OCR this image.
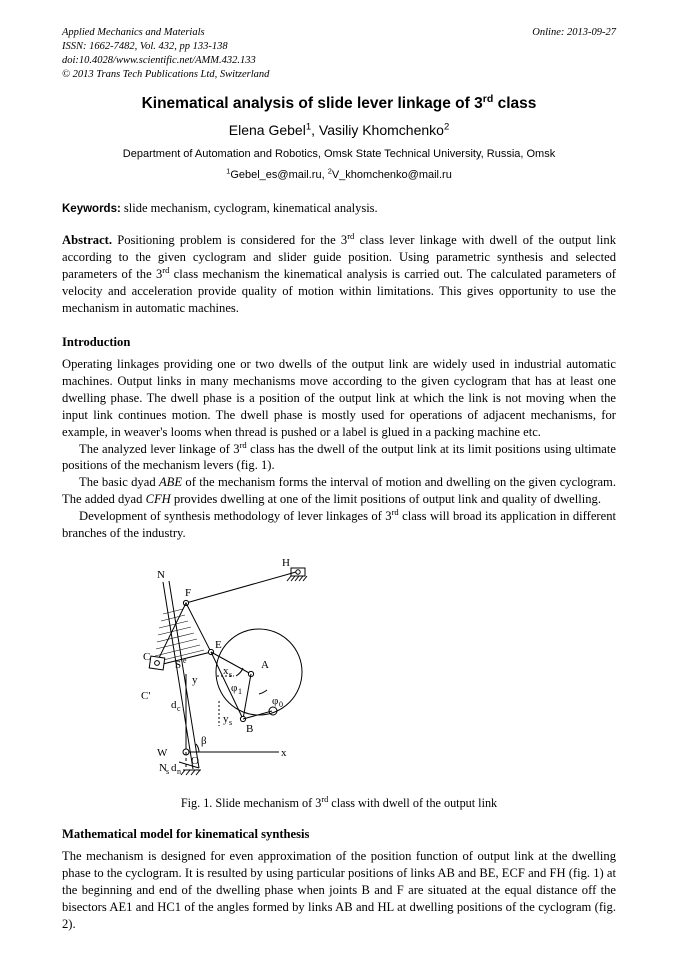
Applied Mechanics and Materials
ISSN: 1662-7482, Vol. 432, pp 133-138
doi:10.4028/www.scientific.net/AMM.432.133
© 2013 Trans Tech Publications Ltd, Switzerland
Online: 2013-09-27
Kinematical analysis of slide lever linkage of 3rd class
Elena Gebel$^1$, Vasiliy Khomchenko$^2$
Department of Automation and Robotics, Omsk State Technical University, Russia, Omsk
$^1$Gebel_es@mail.ru, $^2$V_khomchenko@mail.ru
Keywords: slide mechanism, cyclogram, kinematical analysis.
Abstract. Positioning problem is considered for the 3rd class lever linkage with dwell of the output link according to the given cyclogram and slider guide position. Using parametric synthesis and selected parameters of the 3rd class mechanism the kinematical analysis is carried out. The calculated parameters of velocity and acceleration provide quality of motion within limitations. This gives opportunity to use the mechanism in automatic machines.
Introduction

Operating linkages providing one or two dwells of the output link are widely used in industrial automatic machines. Output links in many mechanisms move according to the given cyclogram that has at least one dwelling phase. The dwell phase is a position of the output link at which the link is not moving when the input link continues motion. The dwell phase is mostly used for operations of adjacent mechanisms, for example, in weaver's looms when thread is pushed or a label is glued in a packing machine etc.

The analyzed lever linkage of 3rd class has the dwell of the output link at its limit positions using ultimate positions of the mechanism levers (fig. 1).

The basic dyad ABE of the mechanism forms the interval of motion and dwelling on the given cyclogram. The added dyad CFH provides dwelling at one of the limit positions of output link and quality of dwelling.

Development of synthesis methodology of lever linkages of 3rd class will broad its application in different branches of the industry.

H
N
F
E
C
C'
S e	A
B
W
N s
O
x
y
x s
y s
d c
d n
β
φ 1
φ 0
Fig. 1. Slide mechanism of 3rd class with dwell of the output link
Mathematical model for kinematical synthesis

The mechanism is designed for even approximation of the position function of output link at the dwelling phase to the cyclogram. It is resulted by using particular positions of links AB and BE, ECF and FH (fig. 1) at the beginning and end of the dwelling phase when joints B and F are situated at the equal distance off the bisectors AE1 and HC1 of the angles formed by links AB and HL at dwelling positions of the cyclogram (fig. 2).
